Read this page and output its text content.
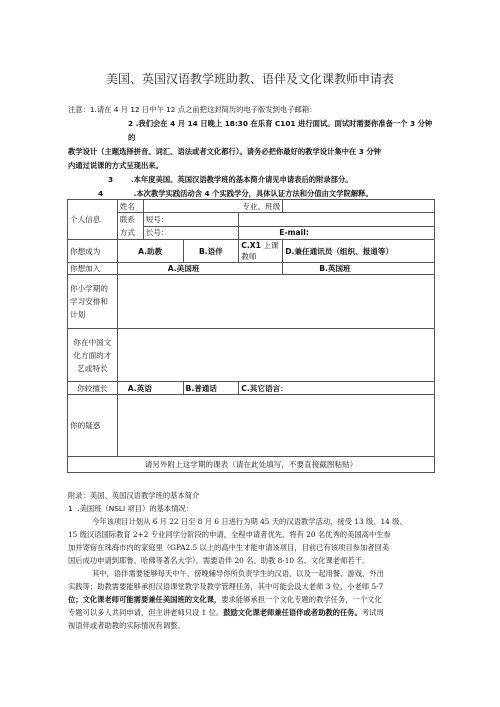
美国、英国汉语教学班助教、语伴及文化课教师申请表

注意：1.请在 4 月 12 日中午 12 点之前把这封简历的电子版发到电子邮箱：

2 .我们会在 4 月 14 日晚上 18:30 在乐育 C101 进行面试。面试时需要你准备一个 3 分钟的

教学设计（主题选择拼音、词汇、语法或者文化都行）。请务必把你最好的教学设计集中在 3 分钟

内通过说课的方式呈现出来。

3 .本年度美国、英国汉语教学班的基本简介请见申请表后的附录部分。

4	.本次教学实践活动含 4 个实践学分，具体认证方法和分值由文学院解释。

个人信息	姓名	专业、班级			
	联系方式	短号：			
		长号：		E-mail:	
你想成为	A.助教		B.语伴	C.X1 上课教师	D.兼任通讯员（组织、报道等）
你想加入	A.美国班				B.英国班
你小学期的学习安排和计划					
你在中国文化方面的才艺或特长					
你较擅长	A.英语		B.普通话	C.其它语言：	
你的疑惑					
请另外附上这学期的课表（请在此处填写，不要直接截图粘贴）					

附录：美国、英国汉语教学班的基本简介

1 .美国班（NSLI 项目）的基本情况：

今年该项目计划从 6 月 22 日至 8 月 6 日进行为期 45 天的汉语教学活动，接受 13 级、14 级、

15 级汉语国际教育 2+2 专业同学分阶段的申请，全程申请者优先，将有 20 名优秀的美国高中生参

加并寄宿在珠海市内的家庭里（GPA2.5 以上的高中生才能申请该项目，目前已有该项目参加者回美

国后成功申请到耶鲁、哈佛等著名大学），需要语伴 20 名、助教 8-10 名、文化课老师若干。

其中，语伴需要能够每天中午、傍晚辅导你所负责学生的汉语，以及一起用餐、游戏、外出

实践等；助教需要能够承担汉语课堂教学及教学管理任务，其中可能会设大老师 3 位，小老师 5-7

位；文化课老师可能需要兼任美国班的文化课，要求能够承担一个文化专题的教学任务，一个文化

专题可以多人共同申请，但主讲老师只设 1 位。鼓励文化课老师兼任语伴或者助教的任务。考试周

视语伴或者助教的实际情况有调整。
